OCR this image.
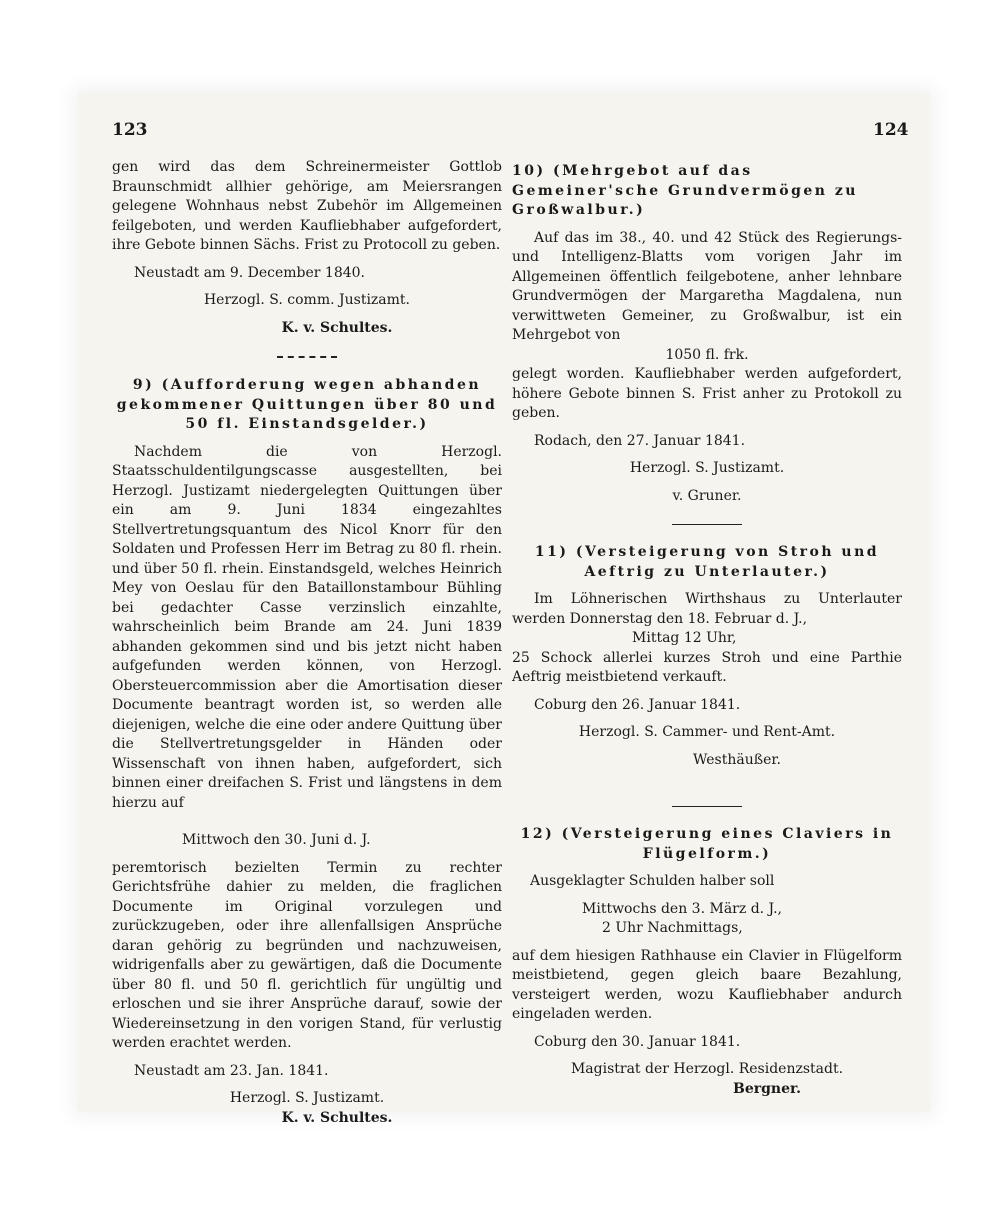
123	124

gen wird das dem Schreinermeister Gottlob Braunschmidt allhier gehörige, am Meiersrangen gelegene Wohnhaus nebst Zubehör im Allgemeinen feilgeboten, und werden Kaufliebhaber aufgefordert, ihre Gebote binnen Sächs. Frist zu Protocoll zu geben.

Neustadt am 9. December 1840.

Herzogl. S. comm. Justizamt.

K. v. Schultes.

9) (Aufforderung wegen abhanden gekommener Quittungen über 80 und 50 fl. Einstandsgelder.)

Nachdem die von Herzogl. Staatsschuldentilgungscasse ausgestellten, bei Herzogl. Justizamt niedergelegten Quittungen über ein am 9. Juni 1834 eingezahltes Stellvertretungsquantum des Nicol Knorr für den Soldaten und Professen Herr im Betrag zu 80 fl. rhein. und über 50 fl. rhein. Einstandsgeld, welches Heinrich Mey von Oeslau für den Bataillonstambour Bühling bei gedachter Casse verzinslich einzahlte, wahrscheinlich beim Brande am 24. Juni 1839 abhanden gekommen sind und bis jetzt nicht haben aufgefunden werden können, von Herzogl. Obersteuercommission aber die Amortisation dieser Documente beantragt worden ist, so werden alle diejenigen, welche die eine oder andere Quittung über die Stellvertretungsgelder in Händen oder Wissenschaft von ihnen haben, aufgefordert, sich binnen einer dreifachen S. Frist und längstens in dem hierzu auf

Mittwoch den 30. Juni d. J.

peremtorisch bezielten Termin zu rechter Gerichtsfrühe dahier zu melden, die fraglichen Documente im Original vorzulegen und zurückzugeben, oder ihre allenfallsigen Ansprüche daran gehörig zu begründen und nachzuweisen, widrigenfalls aber zu gewärtigen, daß die Documente über 80 fl. und 50 fl. gerichtlich für ungültig und erloschen und sie ihrer Ansprüche darauf, sowie der Wiedereinsetzung in den vorigen Stand, für verlustig werden erachtet werden.

Neustadt am 23. Jan. 1841.

Herzogl. S. Justizamt.

K. v. Schultes.

10) (Mehrgebot auf das Gemeiner'sche Grundvermögen zu Großwalbur.)

Auf das im 38., 40. und 42 Stück des Regierungs- und Intelligenz-Blatts vom vorigen Jahr im Allgemeinen öffentlich feilgebotene, anher lehnbare Grundvermögen der Margaretha Magdalena, nun verwittweten Gemeiner, zu Großwalbur, ist ein Mehrgebot von

1050 fl. frk.

gelegt worden. Kaufliebhaber werden aufgefordert, höhere Gebote binnen S. Frist anher zu Protokoll zu geben.

Rodach, den 27. Januar 1841.

Herzogl. S. Justizamt.

v. Gruner.

11) (Versteigerung von Stroh und Aeftrig zu Unterlauter.)

Im Löhnerischen Wirthshaus zu Unterlauter werden Donnerstag den 18. Februar d. J.,

Mittag 12 Uhr,

25 Schock allerlei kurzes Stroh und eine Parthie Aeftrig meistbietend verkauft.

Coburg den 26. Januar 1841.

Herzogl. S. Cammer- und Rent-Amt.

Westhäußer.

12) (Versteigerung eines Claviers in Flügelform.)

Ausgeklagter Schulden halber soll

Mittwochs den 3. März d. J.,

2 Uhr Nachmittags,

auf dem hiesigen Rathhause ein Clavier in Flügelform meistbietend, gegen gleich baare Bezahlung, versteigert werden, wozu Kaufliebhaber andurch eingeladen werden.

Coburg den 30. Januar 1841.

Magistrat der Herzogl. Residenzstadt.

Bergner.
